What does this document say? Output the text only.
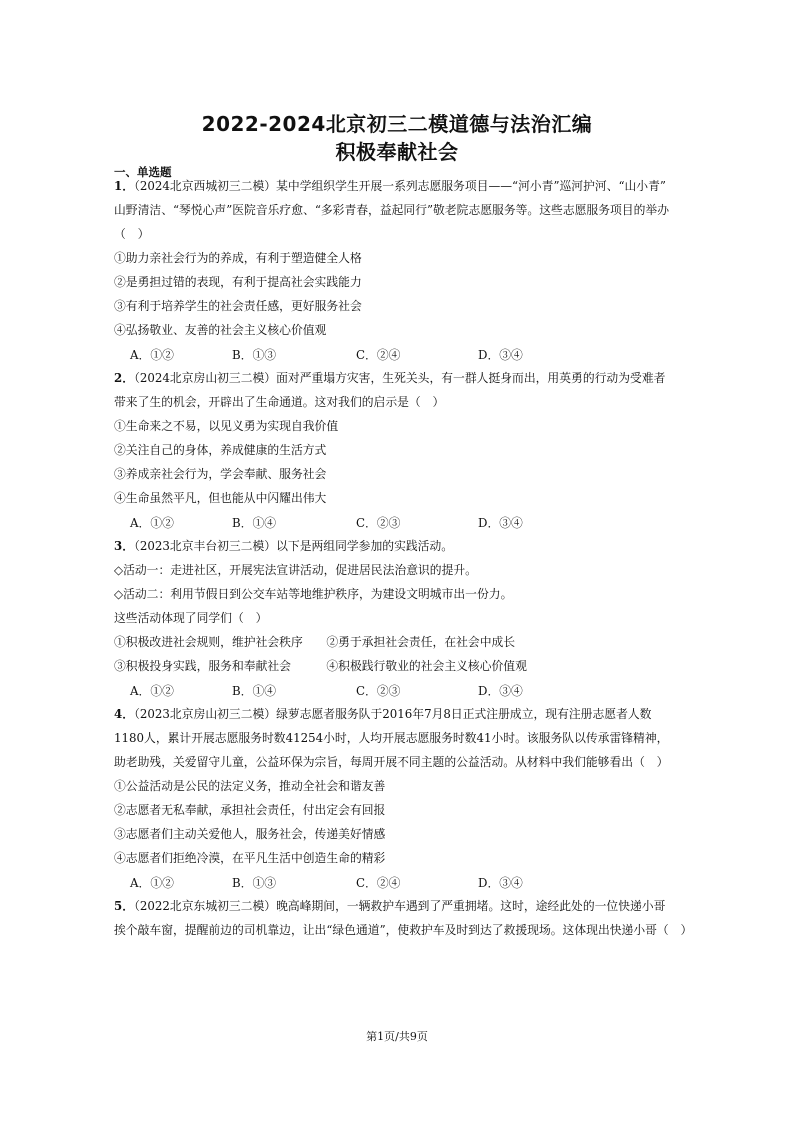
2022-2024北京初三二模道德与法治汇编
积极奉献社会
一、单选题
1．（2024北京西城初三二模）某中学组织学生开展一系列志愿服务项目——“河小青”巡河护河、“山小青”
山野清洁、“琴悦心声”医院音乐疗愈、“多彩青春，益起同行”敬老院志愿服务等。这些志愿服务项目的举办
（　）
①助力亲社会行为的养成，有利于塑造健全人格
②是勇担过错的表现，有利于提高社会实践能力
③有利于培养学生的社会责任感，更好服务社会
④弘扬敬业、友善的社会主义核心价值观
A．①②	B．①③	C．②④	D．③④
2．（2024北京房山初三二模）面对严重塌方灾害，生死关头，有一群人挺身而出，用英勇的行动为受难者
带来了生的机会，开辟出了生命通道。这对我们的启示是（　）
①生命来之不易，以见义勇为实现自我价值
②关注自己的身体，养成健康的生活方式
③养成亲社会行为，学会奉献、服务社会
④生命虽然平凡，但也能从中闪耀出伟大
A．①②	B．①④	C．②③	D．③④
3．（2023北京丰台初三二模）以下是两组同学参加的实践活动。
◇活动一：走进社区，开展宪法宣讲活动，促进居民法治意识的提升。
◇活动二：利用节假日到公交车站等地维护秩序，为建设文明城市出一份力。
这些活动体现了同学们（　）
①积极改进社会规则，维护社会秩序　　②勇于承担社会责任，在社会中成长
③积极投身实践，服务和奉献社会　　　④积极践行敬业的社会主义核心价值观
A．①②	B．①④	C．②③	D．③④
4．（2023北京房山初三二模）绿萝志愿者服务队于2016年7月8日正式注册成立，现有注册志愿者人数
1180人，累计开展志愿服务时数41254小时，人均开展志愿服务时数41小时。该服务队以传承雷锋精神，
助老助残，关爱留守儿童，公益环保为宗旨，每周开展不同主题的公益活动。从材料中我们能够看出（　）
①公益活动是公民的法定义务，推动全社会和谐友善
②志愿者无私奉献，承担社会责任，付出定会有回报
③志愿者们主动关爱他人，服务社会，传递美好情感
④志愿者们拒绝冷漠，在平凡生活中创造生命的精彩
A．①②	B．①③	C．②④	D．③④
5．（2022北京东城初三二模）晚高峰期间，一辆救护车遇到了严重拥堵。这时，途经此处的一位快递小哥
挨个敲车窗，提醒前边的司机靠边，让出“绿色通道”，使救护车及时到达了救援现场。这体现出快递小哥（　）
第1页/共9页
